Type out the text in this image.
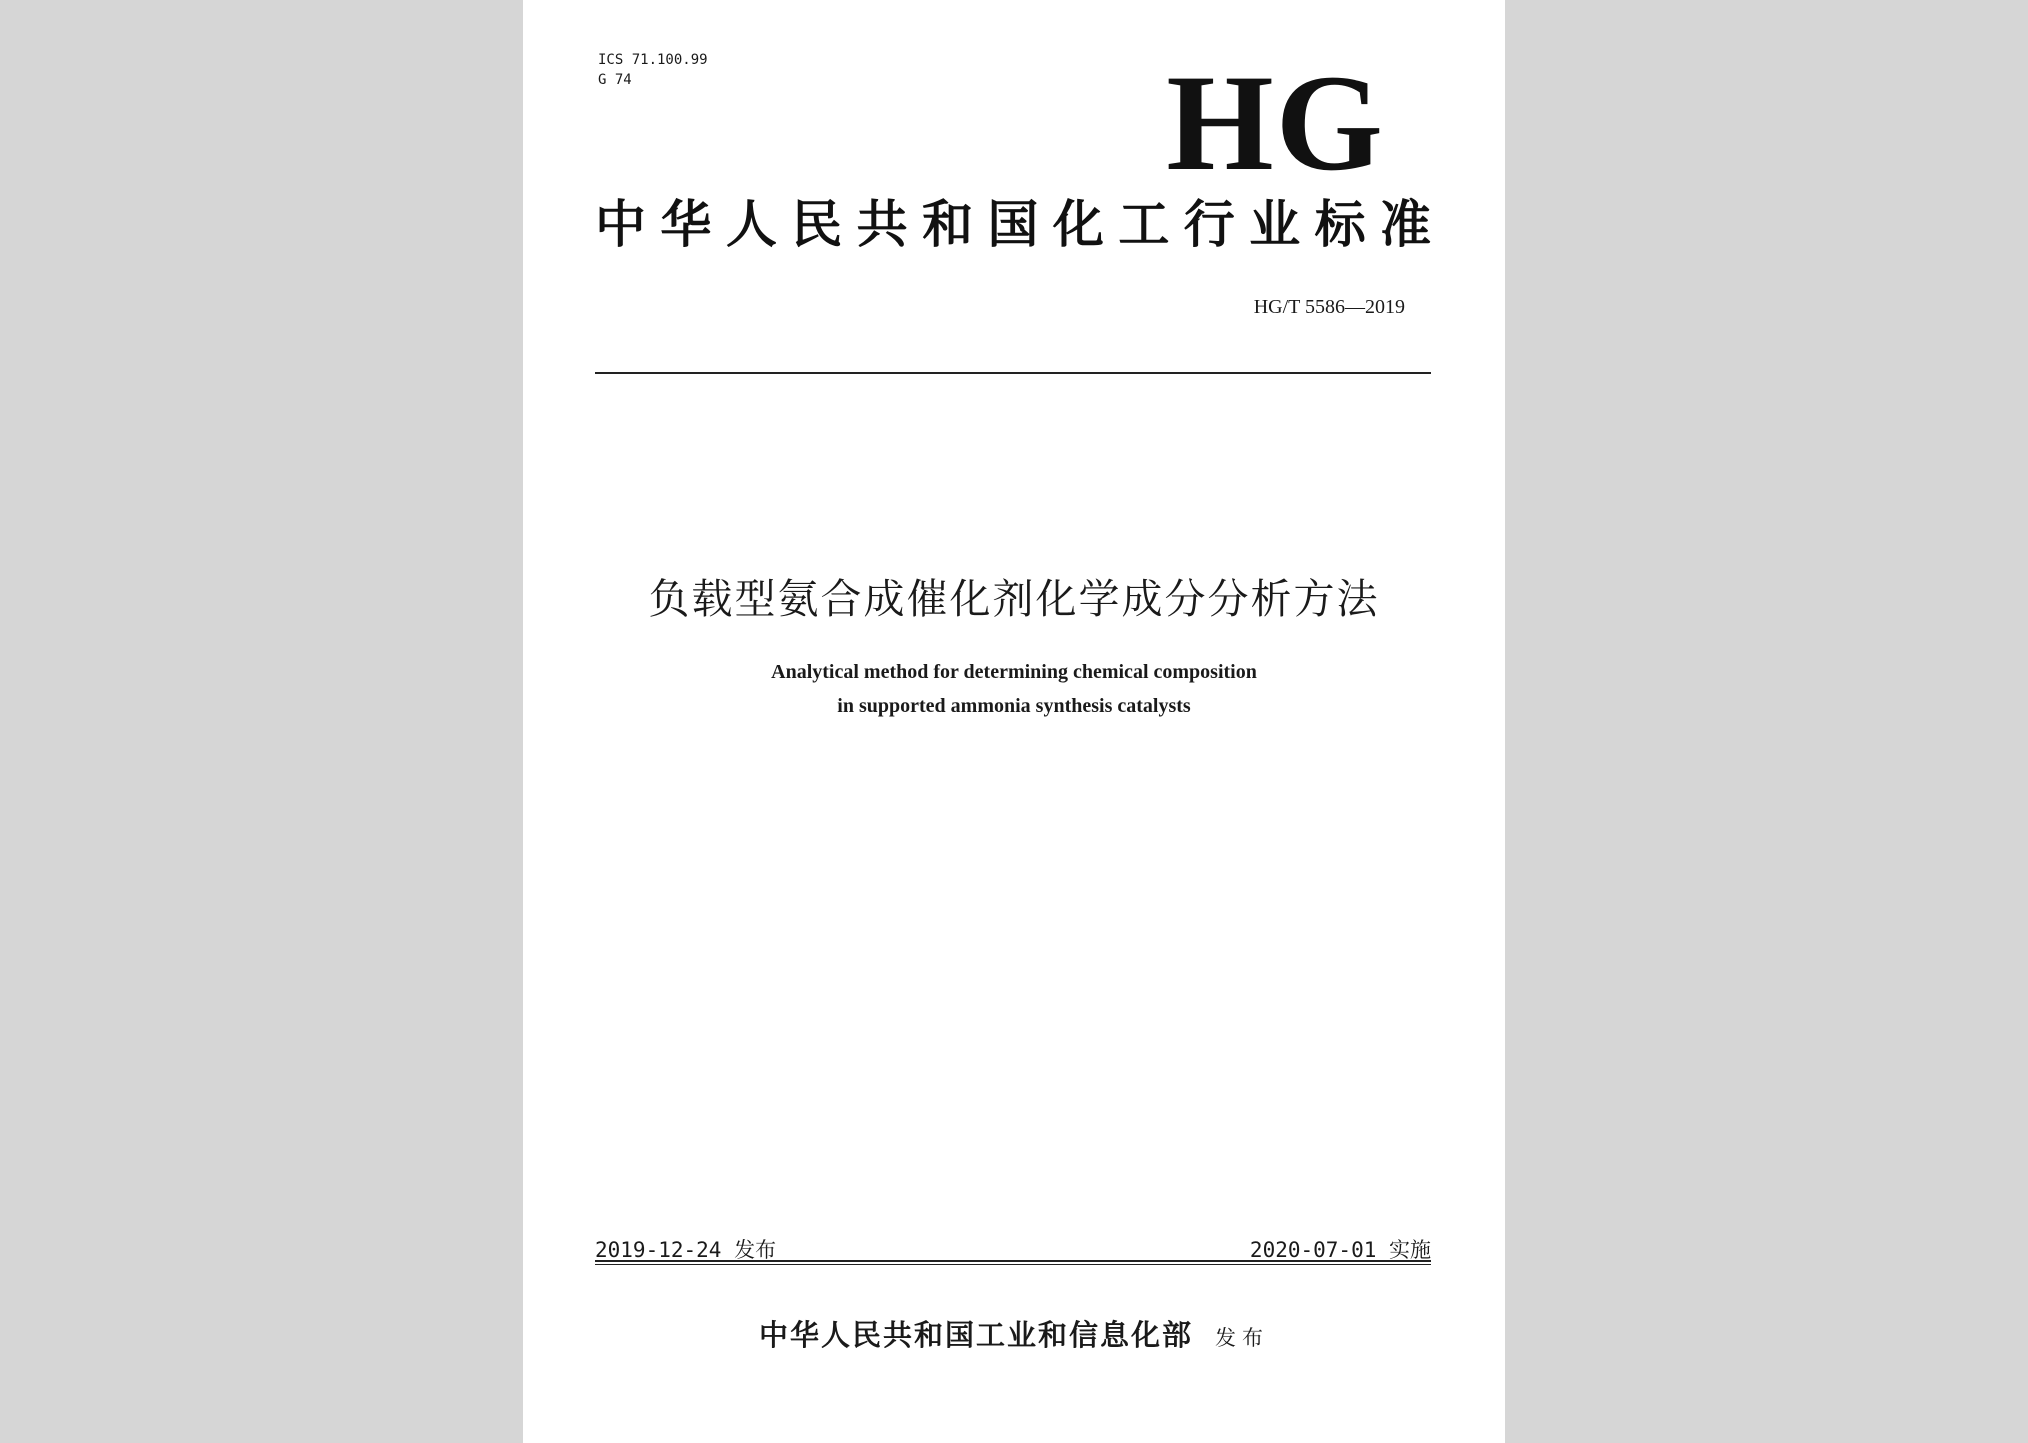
ICS 71.100.99
G 74	HG
中华人民共和国化工行业标准
HG/T 5586—2019
负载型氨合成催化剂化学成分分析方法
Analytical method for determining chemical composition
in supported ammonia synthesis catalysts
2019-12-24 发布	2020-07-01 实施
中华人民共和国工业和信息化部 发布
